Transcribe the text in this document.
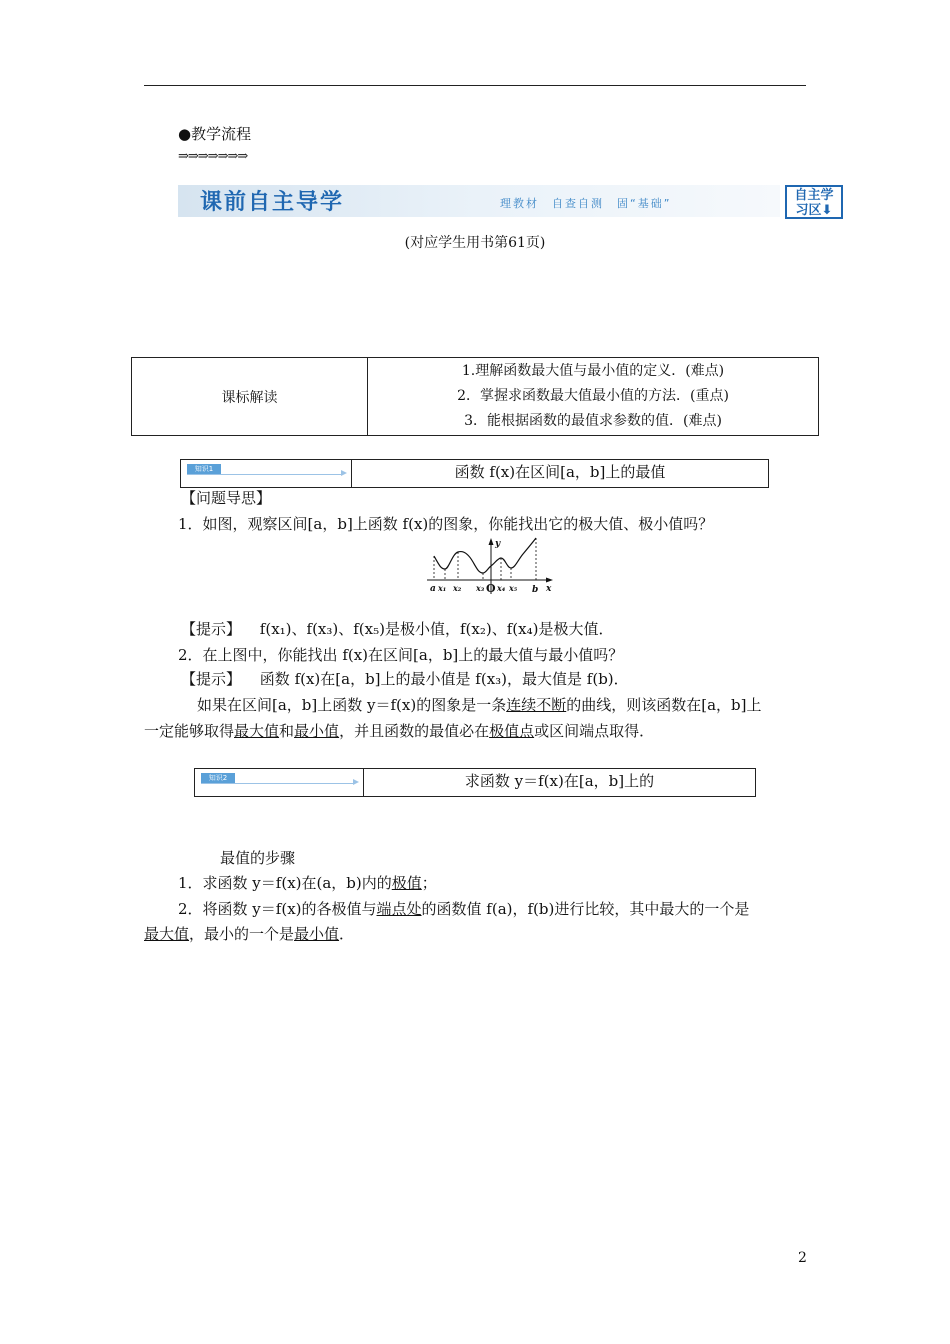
●教学流程
⇒⇒⇒⇒⇒⇒⇒
课前自主导学	理教材　自查自测　固“基础”
自主学
习区⬇
(对应学生用书第61页)
课标解读	
1.理解函数最大值与最小值的定义．(难点)
2．掌握求函数最大值最小值的方法．(重点)
3．能根据函数的最值求参数的值．(难点)
知识1	函数 f(x)在区间[a，b]上的最值
【问题导思】
1．如图，观察区间[a，b]上函数 f(x)的图象，你能找出它的极大值、极小值吗？
y
x
a x₁ x₂ x₃ O x₄ x₅ b
【提示】 f(x₁)、f(x₃)、f(x₅)是极小值，f(x₂)、f(x₄)是极大值．
2．在上图中，你能找出 f(x)在区间[a，b]上的最大值与最小值吗？
【提示】 函数 f(x)在[a，b]上的最小值是 f(x₃)，最大值是 f(b)．
如果在区间[a，b]上函数 y＝f(x)的图象是一条连续不断的曲线，则该函数在[a，b]上
一定能够取得最大值和最小值，并且函数的最值必在极值点或区间端点取得．
知识2	求函数 y＝f(x)在[a，b]上的
最值的步骤
1．求函数 y＝f(x)在(a，b)内的极值；
2．将函数 y＝f(x)的各极值与端点处的函数值 f(a)，f(b)进行比较，其中最大的一个是
最大值，最小的一个是最小值．
2
